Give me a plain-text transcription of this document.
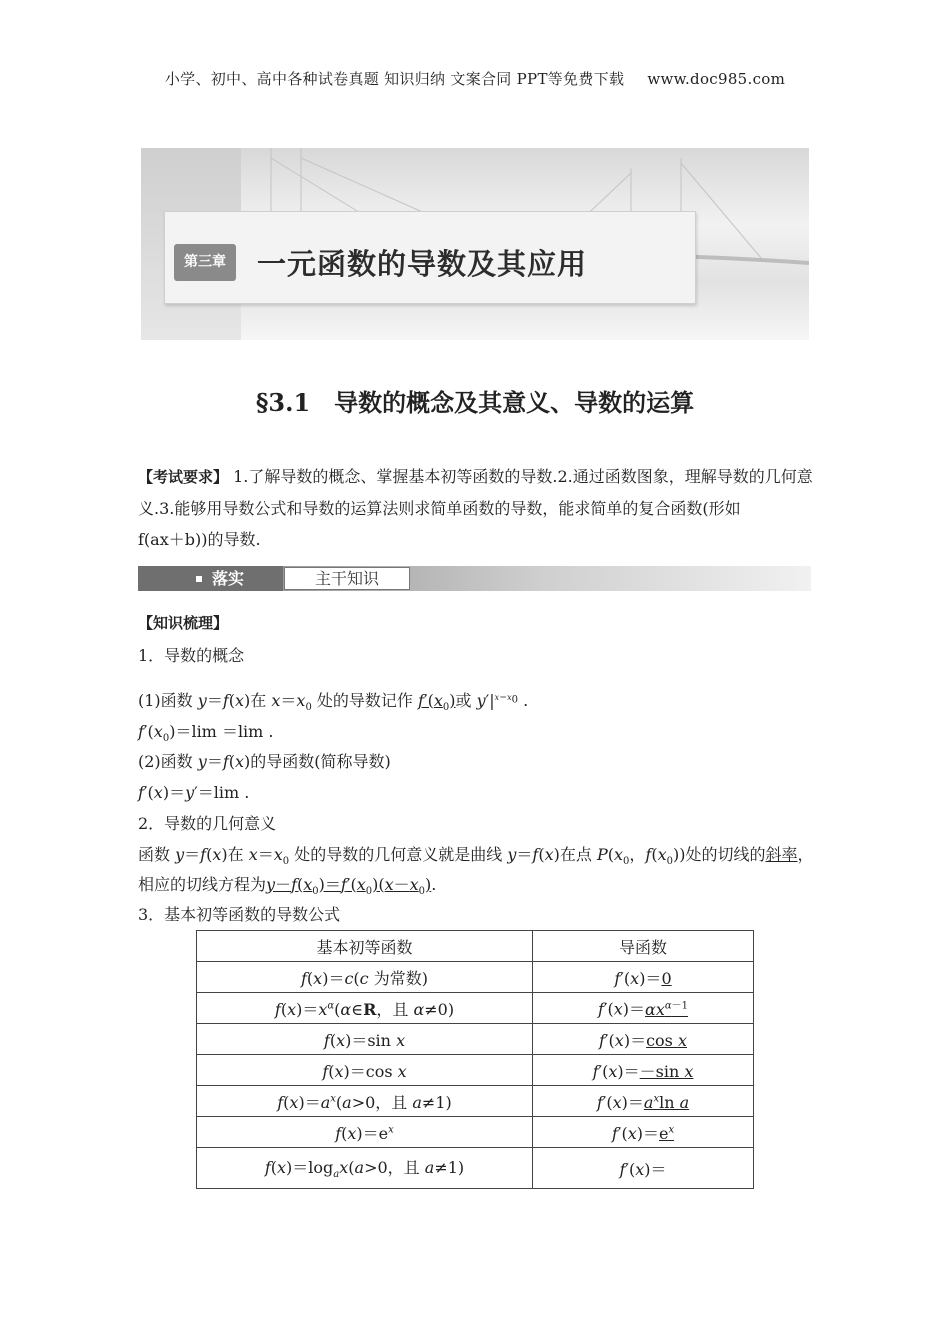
小学、初中、高中各种试卷真题 知识归纳 文案合同 PPT等免费下载 www.doc985.com
第三章	一元函数的导数及其应用
§3.1　导数的概念及其意义、导数的运算
【考试要求】 1.了解导数的概念、掌握基本初等函数的导数.2.通过函数图象，理解导数的几何意义.3.能够用导数公式和导数的运算法则求简单函数的导数，能求简单的复合函数(形如
f(ax＋b))的导数.
落实	主干知识
【知识梳理】
1．导数的概念
(1)函数 y＝f(x)在 $x=x_0$ 处的导数记作 $f'(x_0)$或 $y'|^{x=x_0}$ .
$f'(x_0)=\lim =\lim$ .
(2)函数 y＝f(x)的导函数(简称导数)
f′(x)＝y′＝lim .
2．导数的几何意义
函数 y＝f(x)在 $x=x_0$ 处的导数的几何意义就是曲线 y＝f(x)在点 $P(x_0$，$f(x_0)$)处的切线的斜率，
相应的切线方程为$y-f(x_0)=f'(x_0)(x-x_0)$.
3．基本初等函数的导数公式
基本初等函数	导函数
f(x)＝c(c 为常数)	f′(x)＝0
$f(x)=x^\alpha(\alpha\in R$，且 α≠0)	$f'(x)=\alpha x^{\alpha-1}$
f(x)＝sin x	f′(x)＝cos x
f(x)＝cos x	f′(x)＝－sin x
$f(x)=a^x(a>0$，且 a≠1)	$f'(x)=a^x\ln$ a
$f(x)=e^x$	$f'(x)=e^x$
$f(x)=\log_ax(a>0$，且 a≠1)	f′(x)＝
